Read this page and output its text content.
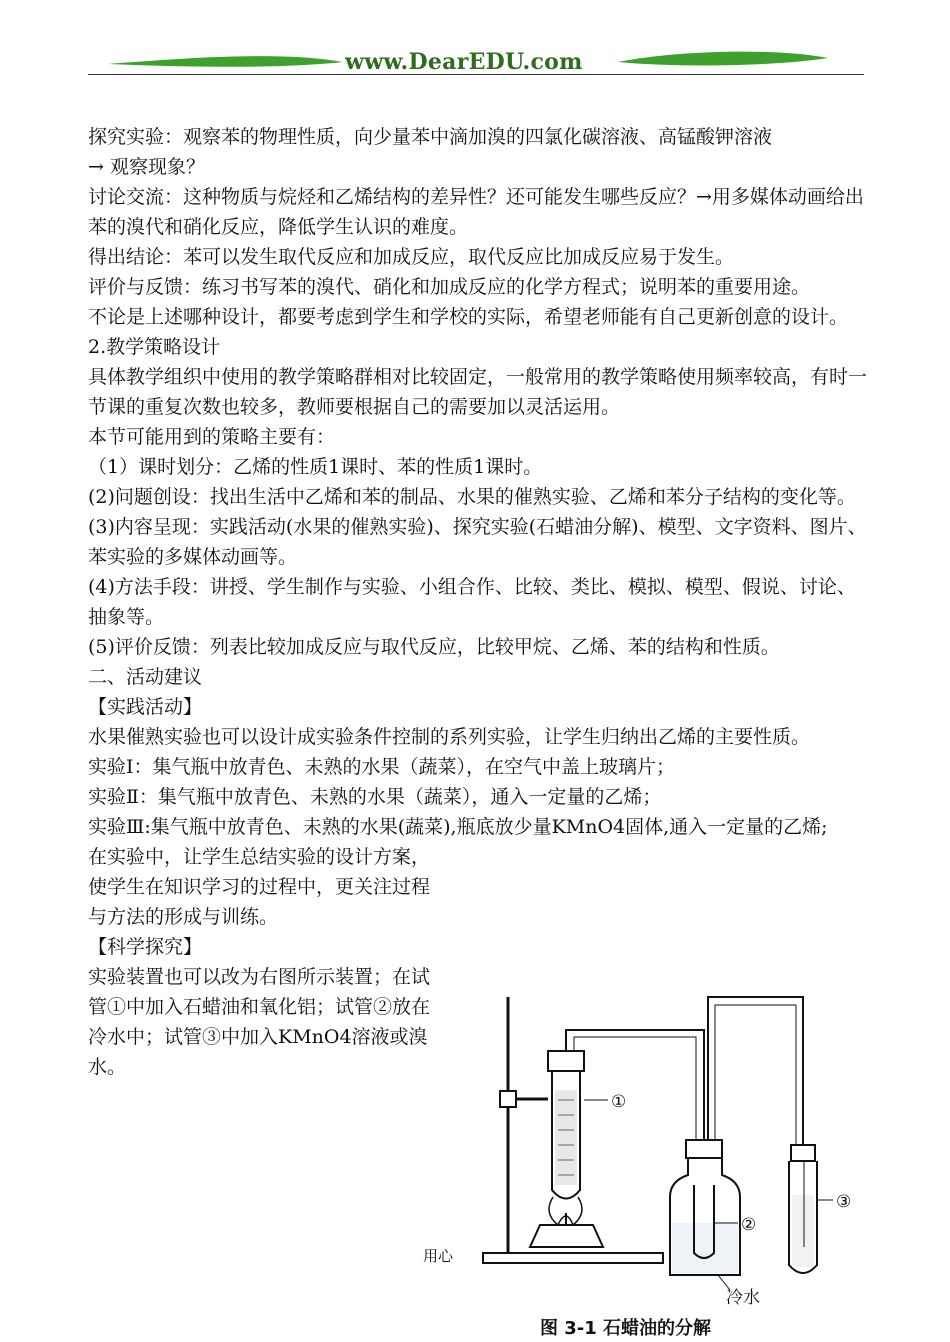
www.DearEDU.com

探究实验：观察苯的物理性质，向少量苯中滴加溴的四氯化碳溶液、高锰酸钾溶液

→ 观察现象？

讨论交流：这种物质与烷烃和乙烯结构的差异性？还可能发生哪些反应？→用多媒体动画给出苯的溴代和硝化反应，降低学生认识的难度。

得出结论：苯可以发生取代反应和加成反应，取代反应比加成反应易于发生。

评价与反馈：练习书写苯的溴代、硝化和加成反应的化学方程式；说明苯的重要用途。

不论是上述哪种设计，都要考虑到学生和学校的实际，希望老师能有自己更新创意的设计。

2.教学策略设计

具体教学组织中使用的教学策略群相对比较固定，一般常用的教学策略使用频率较高，有时一节课的重复次数也较多，教师要根据自己的需要加以灵活运用。

本节可能用到的策略主要有：

（1）课时划分：乙烯的性质1课时、苯的性质1课时。

(2)问题创设：找出生活中乙烯和苯的制品、水果的催熟实验、乙烯和苯分子结构的变化等。

(3)内容呈现：实践活动(水果的催熟实验)、探究实验(石蜡油分解)、模型、文字资料、图片、苯实验的多媒体动画等。

(4)方法手段：讲授、学生制作与实验、小组合作、比较、类比、模拟、模型、假说、讨论、抽象等。

(5)评价反馈：列表比较加成反应与取代反应，比较甲烷、乙烯、苯的结构和性质。

二、活动建议

【实践活动】

水果催熟实验也可以设计成实验条件控制的系列实验，让学生归纳出乙烯的主要性质。

实验Ⅰ：集气瓶中放青色、未熟的水果（蔬菜），在空气中盖上玻璃片；

实验Ⅱ：集气瓶中放青色、未熟的水果（蔬菜），通入一定量的乙烯；

实验Ⅲ:集气瓶中放青色、未熟的水果(蔬菜),瓶底放少量KMnO4固体,通入一定量的乙烯;

在实验中，让学生总结实验的设计方案，使学生在知识学习的过程中，更关注过程与方法的形成与训练。

【科学探究】

实验装置也可以改为右图所示装置；在试管①中加入石蜡油和氧化铝；试管②放在冷水中；试管③中加入KMnO4溶液或溴水。

①
②
③
冷水
图 3-1 石蜡油的分解
用心
